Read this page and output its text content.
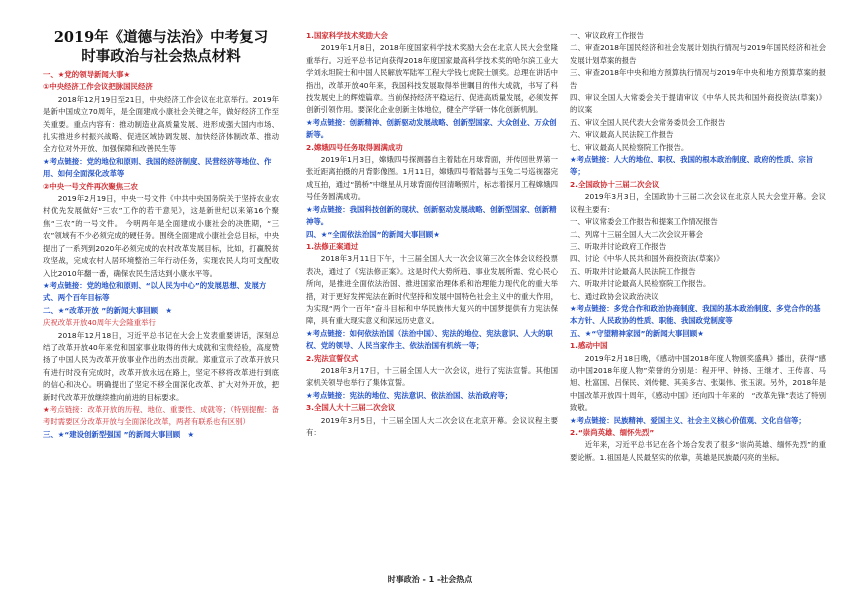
2019年《道德与法治》中考复习

时事政治与社会热点材料

一、★党的领导新闻大事★

①中央经济工作会议把脉国民经济

2018年12月19日至21日，中央经济工作会议在北京举行。2019年是新中国成立70周年，是全面建成小康社会关键之年，做好经济工作至关重要。重点内容有：推动制造业高质量发展、进形成强大国内市场、扎实推进乡村振兴战略、促进区域协调发展、加快经济体制改革、推动全方位对外开放、加强保障和改善民生等

★考点链接：党的地位和原则、我国的经济制度、民营经济等地位、作用、如何全面深化改革等

②中央一号文件再次聚焦三农

2019年2月19日，中央一号文件《中共中央国务院关于坚持农业农村优先发展做好“三农”工作的若干意见》，这是新世纪以来第16个聚焦“三农”的一号文件。 今明两年是全面建成小康社会的决胜期，“三农”领域有不少必须完成的硬任务。围绕全面建成小康社会总目标，中央提出了一系列到2020年必须完成的农村改革发展目标，比如，打赢脱贫攻坚战，完成农村人居环境整治三年行动任务，实现农民人均可支配收入比2010年翻一番，确保农民生活达到小康水平等。

★考点链接：党的地位和原则、“以人民为中心”的发展思想、发展方式、两个百年目标等

二、★“改革开放 ”的新闻大事回顾　★

庆祝改革开放40周年大会隆重举行

2018年12月18日，习近平总书记在大会上发表重要讲话，深刻总结了改革开放40年来党和国家事业取得的伟大成就和宝贵经验，高度赞扬了中国人民为改革开放事业作出的杰出贡献。郑重宣示了改革开放只有进行时没有完成时，改革开放永远在路上，坚定不移将改革进行到底的信心和决心。明确提出了坚定不移全面深化改革、扩大对外开放，把新时代改革开放继续推向前进的目标要求。

★考点链接：改革开放的历程、地位、重要性、成就等；（特别提醒：备考时需要区分改革开放与全面深化改革，两者有联系也有区别）

三、★“建设创新型强国 ”的新闻大事回顾　★

1.国家科学技术奖励大会

2019年1月8日，2018年度国家科学技术奖励大会在北京人民大会堂隆重举行。习近平总书记向获得2018年度国家最高科学技术奖的哈尔滨工业大学刘永坦院士和中国人民解放军陆军工程大学钱七虎院士颁奖。总理在讲话中指出，改革开放40年来，我国科技发展取得举世瞩目的伟大成就，书写了科技发展史上的辉煌篇章。当前保持经济平稳运行、促进高质量发展，必须发挥创新引领作用。要深化企业创新主体地位，健全产学研一体化创新机制。

★考点链接：创新精神、创新驱动发展战略、创新型国家、大众创业、万众创新等。

2.嫦娥四号任务取得圆满成功

2019年1月3日，嫦娥四号探测器自主着陆在月球背面，并传回世界第一张近距离拍摄的月背影像图。1月11日，嫦娥四号着陆器与玉兔二号巡视器完成互拍，通过“鹊桥”中继星从月球背面传回清晰照片，标志着探月工程嫦娥四号任务圆满成功。

★考点链接：我国科技创新的现状、创新驱动发展战略、创新型国家、创新精神等。

四、★“全面依法治国”的新闻大事回顾★

1.法修正案通过

2018年3月11日下午，十三届全国人大一次会议第三次全体会议经投票表决，通过了《宪法修正案》。这是时代大势所趋、事业发展所需、党心民心所向，是推进全面依法治国、推进国家治理体系和治理能力现代化的重大举措，对于更好发挥宪法在新时代坚持和发展中国特色社会主义中的重大作用，为实现“两个一百年”奋斗目标和中华民族伟大复兴的中国梦提供有力宪法保障，具有重大现实意义和深远历史意义。

★考点链接：如何依法治国（法治中国）、宪法的地位、宪法意识、人大的职权、党的领导、人民当家作主、依法治国有机统一等；

2.宪法宣誓仪式

2018年3月17日，十三届全国人大一次会议，进行了宪法宣誓。其他国家机关领导也举行了集体宣誓。

★考点链接：宪法的地位、宪法意识、依法治国、法治政府等；

3.全国人大十三届二次会议

2019年3月5日，十三届全国人大二次会议在北京开幕。会议议程主要有：

一、审议政府工作报告

二、审查2018年国民经济和社会发展计划执行情况与2019年国民经济和社会发展计划草案的报告

三、审查2018年中央和地方预算执行情况与2019年中央和地方预算草案的报告

四、审议全国人大常委会关于提请审议《中华人民共和国外商投资法(草案)》的议案

五、审议全国人民代表大会常务委员会工作报告

六、审议最高人民法院工作报告

七、审议最高人民检察院工作报告。

★考点链接：人大的地位、职权、我国的根本政治制度、政府的性质、宗旨等；

2.全国政协十三届二次会议

2019年3月3日，全国政协十三届二次会议在北京人民大会堂开幕。会议议程主要有：

一、审议常委会工作报告和提案工作情况报告

二、列席十三届全国人大二次会议开幕会

三、听取并讨论政府工作报告

四、讨论《中华人民共和国外商投资法(草案)》

五、听取并讨论最高人民法院工作报告

六、听取并讨论最高人民检察院工作报告。

七、通过政协会议政治决议

★考点链接：多党合作和政治协商制度、我国的基本政治制度、多党合作的基本方针、人民政协的性质、职能、我国政党制度等

五、★“守望精神家园”的新闻大事回顾★

1.感动中国

2019年2月18日晚，《感动中国2018年度人物颁奖盛典》播出，获得“感动中国2018年度人物”荣誉的分别是：程开甲、钟扬、王继才、王传喜、马旭、杜富国、吕保民、刘传健、其美多吉、张渠伟、张玉滚。另外，2018年是中国改革开放四十周年，《感动中国》还向四十年来的　“改革先锋”表达了特别致敬。

★考点链接：民族精神、爱国主义、社会主义核心价值观、文化自信等；

2.“崇尚英雄、缅怀先烈”

近年来，习近平总书记在各个场合发表了很多“崇尚英雄、缅怀先烈”的重要论断。1.祖国是人民最坚实的依靠，英雄是民族最闪亮的坐标。

时事政治 - 1 -社会热点
